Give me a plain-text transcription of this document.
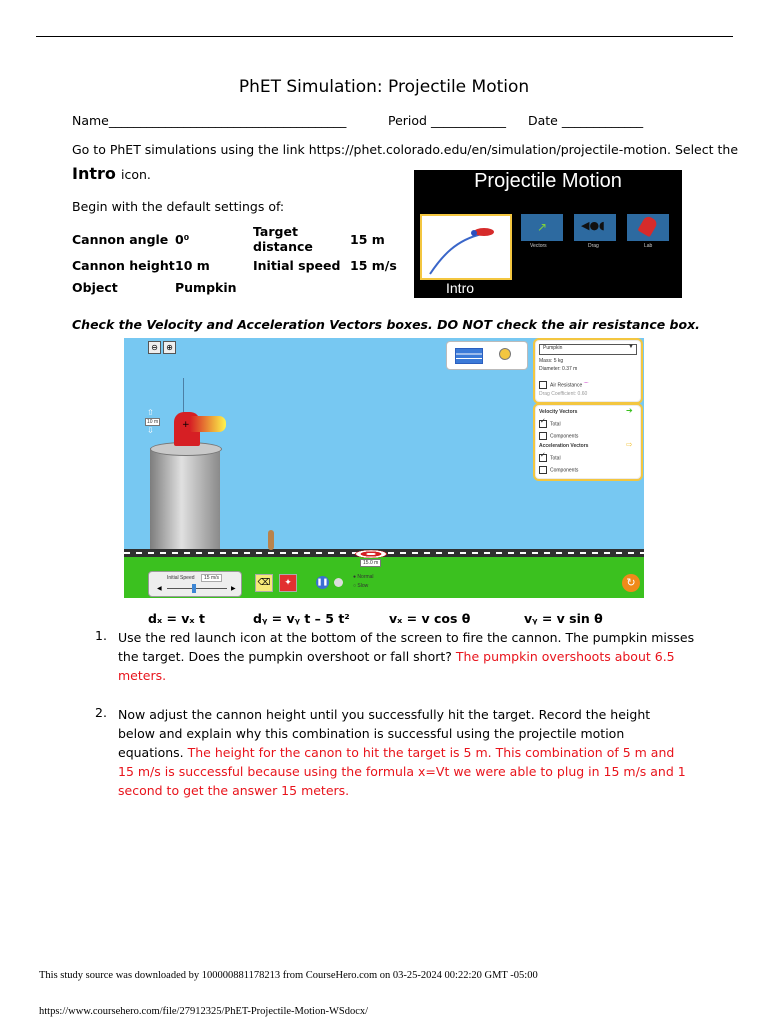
PhET Simulation: Projectile Motion
Name______________________________________	Period ____________ Date _____________
Go to PhET simulations using the link https://phet.colorado.edu/en/simulation/projectile-motion. Select the
Intro icon.
Begin with the default settings of:
Cannon angle	0⁰	Target distance	15 m
Cannon height	10 m	Initial speed	15 m/s
Object	Pumpkin		
Projectile Motion
Intro
↗
Vectors
◀●◖
Drag	Lab
Check the Velocity and Acceleration Vectors boxes. DO NOT check the air resistance box.
⊖	⊕
⇧
10 m
⇩
+
15.0 m
Initial Speed	15 m/s
◀	▶
⌫	✦	❚❚
● Normal
○ Slow	↻
Pumpkin	▼
Mass: 5 kg
Diameter: 0.37 m
Air Resistance ⌒
Drag Coefficient: 0.60
Velocity Vectors	➔
✓Total
Components
Acceleration Vectors	⇨
✓Total
Components
dₓ = vₓ t	dᵧ = vᵧ t – 5 t²	vₓ = v cos θ	vᵧ = v sin θ
1. Use the red launch icon at the bottom of the screen to fire the cannon. The pumpkin misses the target. Does the pumpkin overshoot or fall short? The pumpkin overshoots about 6.5 meters.
2. Now adjust the cannon height until you successfully hit the target. Record the height below and explain why this combination is successful using the projectile motion equations. The height for the canon to hit the target is 5 m. This combination of 5 m and 15 m/s is successful because using the formula x=Vt we were able to plug in 15 m/s and 1 second to get the answer 15 meters.
This study source was downloaded by 100000881178213 from CourseHero.com on 03-25-2024 00:22:20 GMT -05:00
https://www.coursehero.com/file/27912325/PhET-Projectile-Motion-WSdocx/
